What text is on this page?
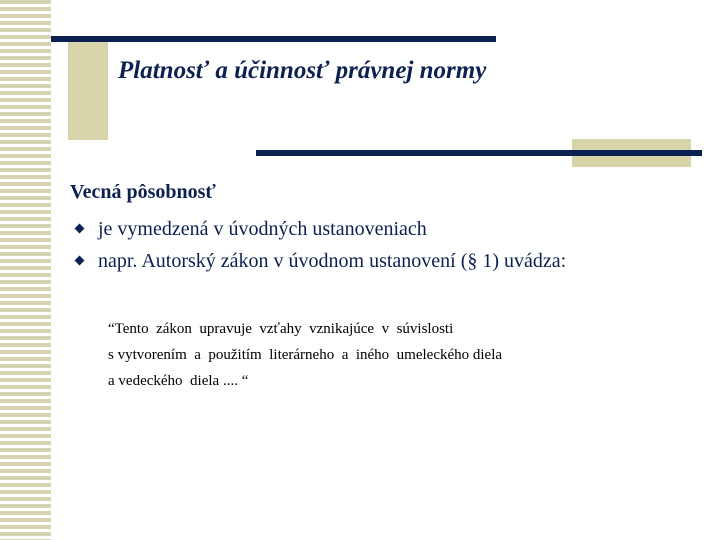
Platnosť a účinnosť právnej normy
Vecná pôsobnosť
je vymedzená v úvodných ustanoveniach
napr. Autorský zákon v úvodnom ustanovení (§ 1) uvádza:
“Tento  zákon  upravuje  vzťahy  vznikajúce  v  súvislosti
s vytvorením  a  použitím  literárneho  a  iného  umeleckého diela
a vedeckého  diela .... “
